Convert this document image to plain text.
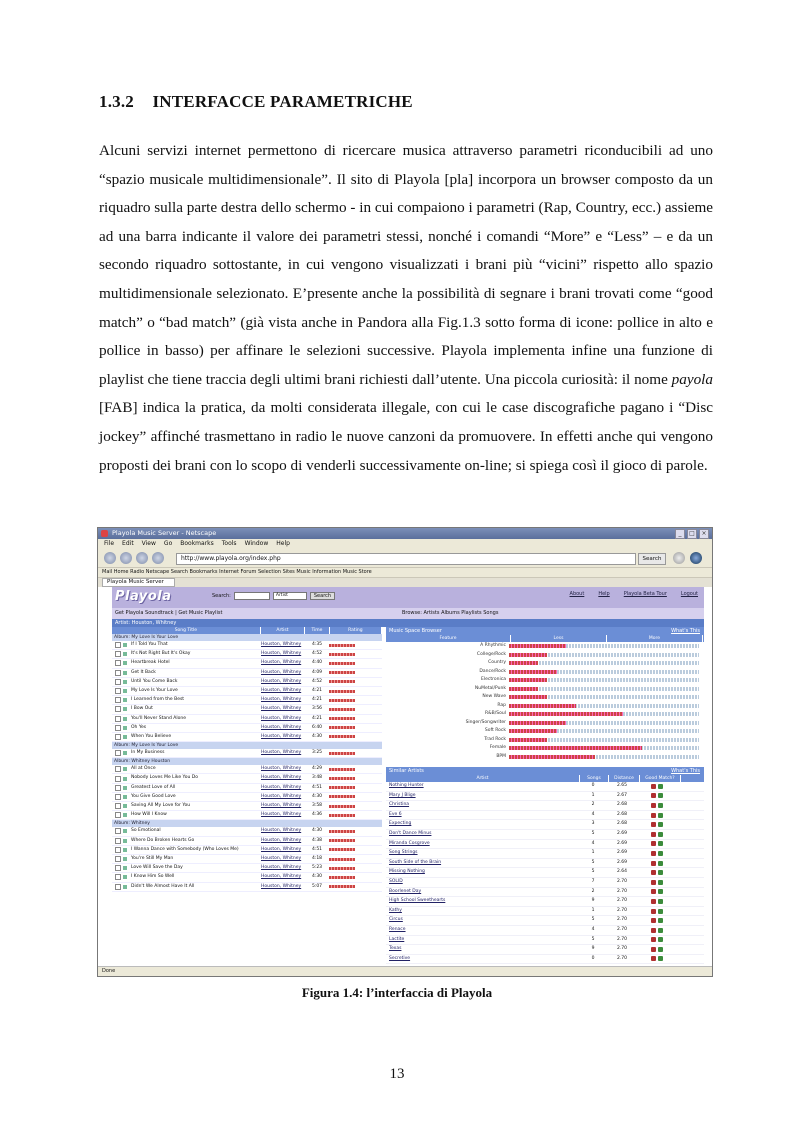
1.3.2 INTERFACCE PARAMETRICHE

Alcuni servizi internet permettono di ricercare musica attraverso parametri riconducibili ad uno “spazio musicale multidimensionale”. Il sito di Playola [pla] incorpora un browser composto da un riquadro sulla parte destra dello schermo - in cui compaiono i parametri (Rap, Country, ecc.) assieme ad una barra indicante il valore dei parametri stessi, nonché i comandi “More” e “Less” – e da un secondo riquadro sottostante, in cui vengono visualizzati i brani più “vicini” rispetto allo spazio multidimensionale selezionato. E’presente anche la possibilità di segnare i brani trovati come “good match” o “bad match” (già vista anche in Pandora alla Fig.1.3 sotto forma di icone: pollice in alto e pollice in basso) per affinare le selezioni successive. Playola implementa infine una funzione di playlist che tiene traccia degli ultimi brani richiesti dall’utente. Una piccola curiosità: il nome payola [FAB] indica la pratica, da molti considerata illegale, con cui le case discografiche pagano i “Disc jockey” affinché trasmettano in radio le nuove canzoni da promuovere. In effetti anche qui vengono proposti dei brani con lo scopo di venderli successivamente on-line; si spiega così il gioco di parole.

Playola Music Server - Netscape	_	□	×
File Edit View Go Bookmarks Tools Window Help
http://www.playola.org/index.php	Search
Mail Home Radio Netscape Search Bookmarks Internet Forum Selection Sites Music Information Music Store
Playola Music Server
Playola	Search:	Artist	Search	About	Help	Playola Beta Tour	Logout
Get Playola Soundtrack | Get Music Playlist	Browse: Artists Albums Playlists Songs
Artist: Houston, Whitney
Song Title	Artist	Time	Rating
Album: My Love Is Your Love
If I Told You That	Houston, Whitney	4:35
It's Not Right But It's Okay	Houston, Whitney	4:52
Heartbreak Hotel	Houston, Whitney	4:40
Get It Back	Houston, Whitney	4:09
Until You Come Back	Houston, Whitney	4:52
My Love Is Your Love	Houston, Whitney	4:21
I Learned from the Best	Houston, Whitney	4:21
I Bow Out	Houston, Whitney	3:56
You'll Never Stand Alone	Houston, Whitney	4:21
Oh Yes	Houston, Whitney	6:40
When You Believe	Houston, Whitney	4:30
Album: My Love Is Your Love
In My Business	Houston, Whitney	3:25
Album: Whitney Houston
All at Once	Houston, Whitney	4:29
Nobody Loves Me Like You Do	Houston, Whitney	3:48
Greatest Love of All	Houston, Whitney	4:51
You Give Good Love	Houston, Whitney	4:30
Saving All My Love for You	Houston, Whitney	3:58
How Will I Know	Houston, Whitney	4:36
Album: Whitney
So Emotional	Houston, Whitney	4:30
Where Do Broken Hearts Go	Houston, Whitney	4:38
I Wanna Dance with Somebody (Who Loves Me)	Houston, Whitney	4:51
You're Still My Man	Houston, Whitney	4:18
Love Will Save the Day	Houston, Whitney	5:23
I Know Him So Well	Houston, Whitney	4:30
Didn't We Almost Have It All	Houston, Whitney	5:07
Music Space Browser	What's This
Feature	Less	More
A Rhythmic
College/Rock
Country
Dance/Rock
Electronica
NuMetal/Punk
New Wave
Rap
R&B/Soul
Singer/Songwriter
Soft Rock
Trad Rock
Female
BPM
Similar Artists	What's This
Artist	Songs	Distance	Good Match?
Nothing Hunter	0	2.65
Mary J Blige	1	2.67
Christina	2	2.68
Eve 6	4	2.68
Expecting	3	2.68
Don't Dance Minus	5	2.69
Miranda Cosgrove	4	2.69
Song Strings	1	2.69
South Side of the Brain	5	2.69
Missing Nothing	5	2.64
SOLID	7	2.70
Boorlenet Day	2	2.70
High School Sweethearts	9	2.70
Kathy	1	2.70
Circus	5	2.70
Renace	4	2.70
Lactite	5	2.70
Texas	9	2.70
Secretive	0	2.70
Done
Figura 1.4: l’interfaccia di Playola
13
